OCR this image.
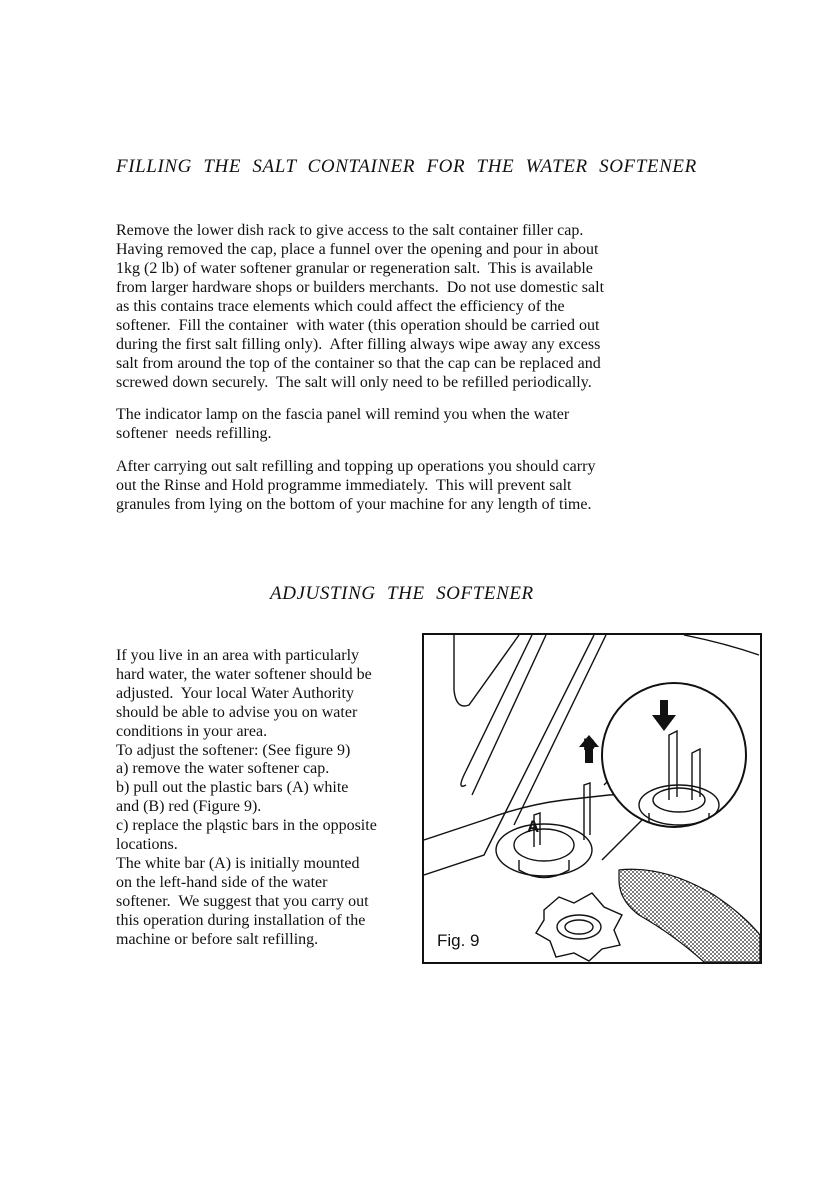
FILLING THE SALT CONTAINER FOR THE WATER SOFTENER

Remove the lower dish rack to give access to the salt container filler cap.
Having removed the cap, place a funnel over the opening and pour in about
1kg (2 lb) of water softener granular or regeneration salt.  This is available
from larger hardware shops or builders merchants.  Do not use domestic salt
as this contains trace elements which could affect the efficiency of the
softener.  Fill the container  with water (this operation should be carried out
during the first salt filling only).  After filling always wipe away any excess
salt from around the top of the container so that the cap can be replaced and
screwed down securely.  The salt will only need to be refilled periodically.

The indicator lamp on the fascia panel will remind you when the water
softener  needs refilling.

After carrying out salt refilling and topping up operations you should carry
out the Rinse and Hold programme immediately.  This will prevent salt
granules from lying on the bottom of your machine for any length of time.

ADJUSTING THE SOFTENER

If you live in an area with particularly
hard water, the water softener should be
adjusted.  Your local Water Authority
should be able to advise you on water
conditions in your area.
To adjust the softener: (See figure 9)
a) remove the water softener cap.
b) pull out the plastic bars (A) white
and (B) red (Figure 9).
c) replace the pląstic bars in the opposite
locations.
The white bar (A) is initially mounted
on the left-hand side of the water
softener.  We suggest that you carry out
this operation during installation of the
machine or before salt refilling.

B
A

Fig. 9
